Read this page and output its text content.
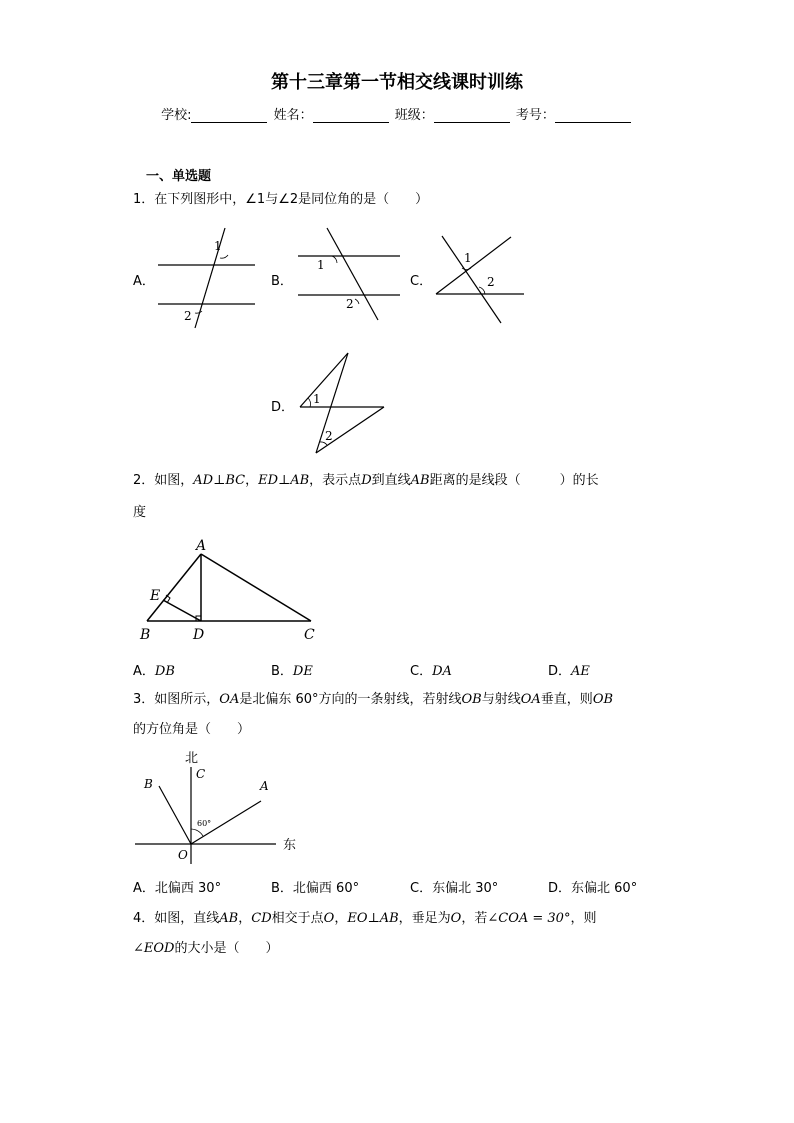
第十三章第一节相交线课时训练
学校:	姓名：	班级：	考号：
一、单选题
1．在下列图形中，∠1与∠2是同位角的是（　　）
A．
1
2
B．
1
2
C．
1
2
D．
1
2
2．如图，AD⊥BC，ED⊥AB，表示点D到直线AB距离的是线段（　　　）的长
度
A
E
B	D	C
A．DB	B．DE	C．DA	D．AE
3．如图所示，OA是北偏东 60°方向的一条射线，若射线OB与射线OA垂直，则OB
的方位角是（　　）
北
东
C
B	A
O
60°
A．北偏西 30°	B．北偏西 60°	C．东偏北 30°	D．东偏北 60°
4．如图，直线AB，CD相交于点O，EO⊥AB，垂足为O，若∠COA = 30°，则
∠EOD的大小是（　　）
